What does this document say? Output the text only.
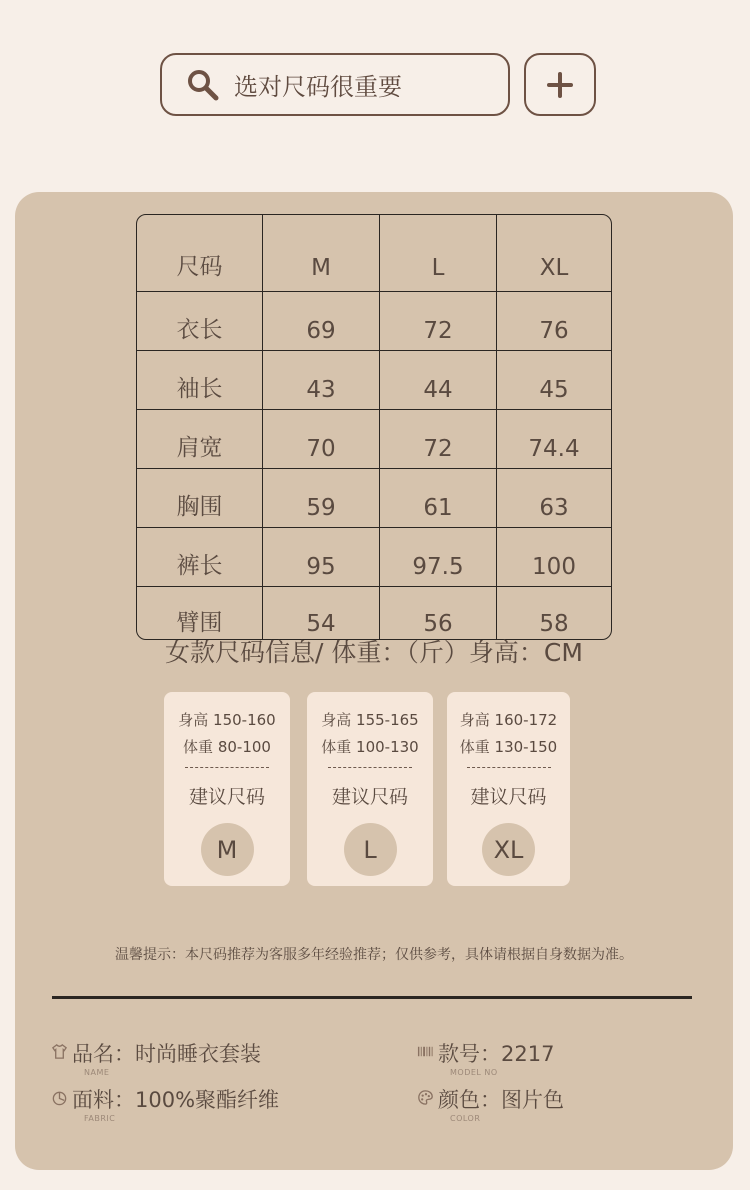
选对尺码很重要
尺码	M	L	XL
衣长	69	72	76
袖长	43	44	45
肩宽	70	72	74.4
胸围	59	61	63
裤长	95	97.5	100
臂围	54	56	58
女款尺码信息/ 体重：（斤）身高：CM
身高 150-160
体重 80-100
建议尺码
M
身高 155-165
体重 100-130
建议尺码
L
身高 160-172
体重 130-150
建议尺码
XL
温馨提示：本尺码推荐为客服多年经验推荐；仅供参考，具体请根据自身数据为准。
品名：时尚睡衣套装
NAME
款号：2217
MODEL NO
面料：100%聚酯纤维
FABRIC
颜色：图片色
COLOR
